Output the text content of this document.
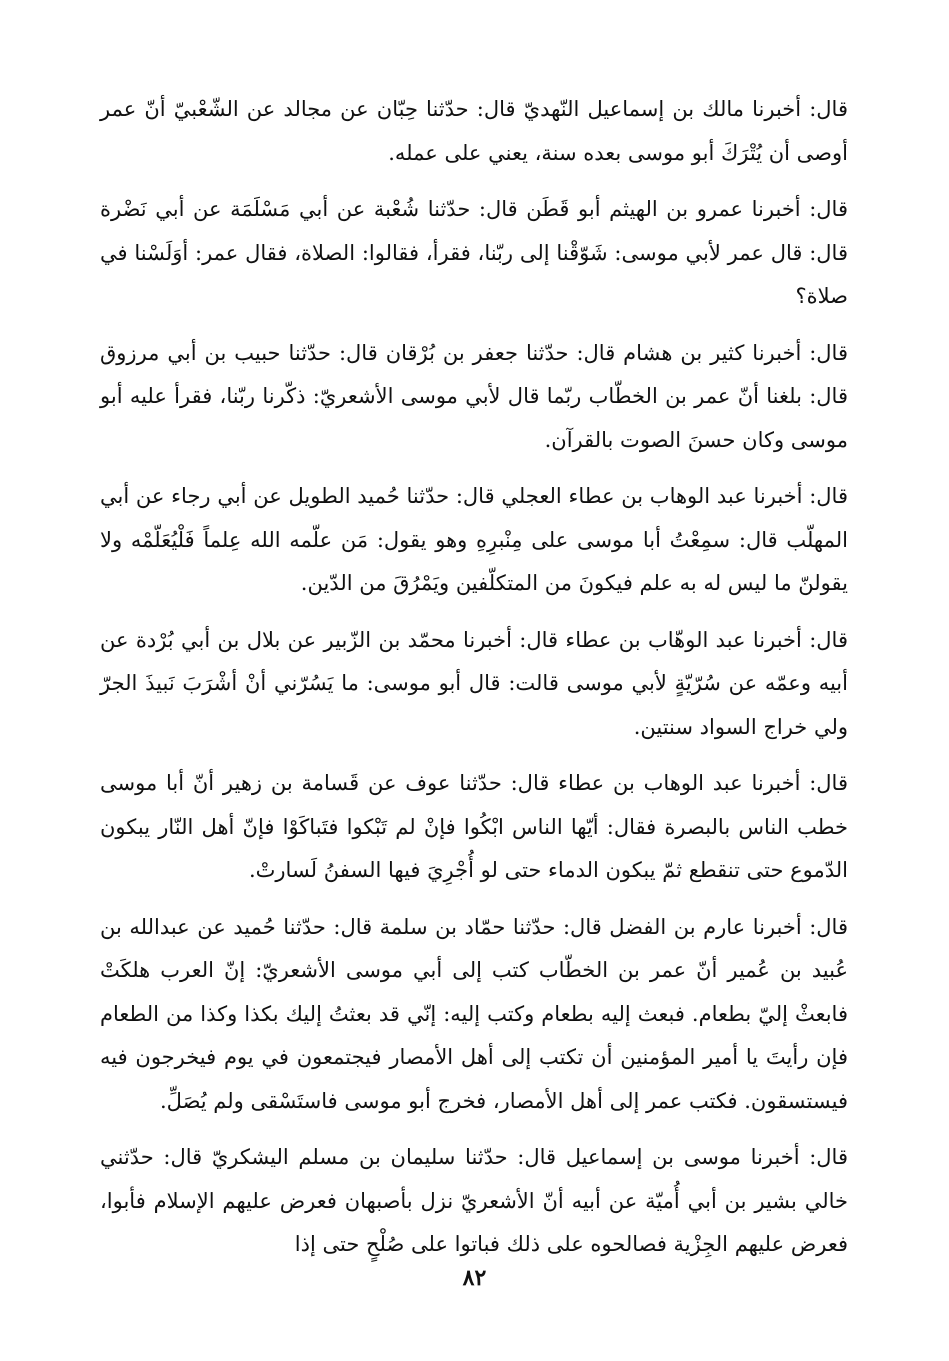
قال: أخبرنا مالك بن إسماعيل النّهديّ قال: حدّثنا حِبّان عن مجالد عن الشّعْبيّ أنّ عمر أوصى أن يُتْرَكَ أبو موسى بعده سنة، يعني على عمله.

قال: أخبرنا عمرو بن الهيثم أبو قَطَن قال: حدّثنا شُعْبة عن أبي مَسْلَمَة عن أبي نَضْرة قال: قال عمر لأبي موسى: شَوّقْنا إلى ربّنا، فقرأ، فقالوا: الصلاة، فقال عمر: أوَلَسْنا في صلاة؟

قال: أخبرنا كثير بن هشام قال: حدّثنا جعفر بن بُرْقان قال: حدّثنا حبيب بن أبي مرزوق قال: بلغنا أنّ عمر بن الخطّاب ربّما قال لأبي موسى الأشعريّ: ذكّرنا ربّنا، فقرأ عليه أبو موسى وكان حسنَ الصوت بالقرآن.

قال: أخبرنا عبد الوهاب بن عطاء العجلي قال: حدّثنا حُميد الطويل عن أبي رجاء عن أبي المهلّب قال: سمِعْتُ أبا موسى على مِنْبرِهِ وهو يقول: مَن علّمه الله عِلماً فَلْيُعَلّمْه ولا يقولنّ ما ليس له به علم فيكونَ من المتكلّفين ويَمْرُقَ من الدّين.

قال: أخبرنا عبد الوهّاب بن عطاء قال: أخبرنا محمّد بن الزّبير عن بلال بن أبي بُرْدة عن أبيه وعمّه عن سُرّيّةٍ لأبي موسى قالت: قال أبو موسى: ما يَسُرّني أنْ أشْرَبَ نَبيذَ الجرّ ولي خراج السواد سنتين.

قال: أخبرنا عبد الوهاب بن عطاء قال: حدّثنا عوف عن قَسامة بن زهير أنّ أبا موسى خطب الناس بالبصرة فقال: أيّها الناس ابْكُوا فإنْ لم تَبْكوا فتَباكَوْا فإنّ أهل النّار يبكون الدّموع حتى تنقطع ثمّ يبكون الدماء حتى لو أُجْرِيَ فيها السفنُ لَسارتْ.

قال: أخبرنا عارم بن الفضل قال: حدّثنا حمّاد بن سلمة قال: حدّثنا حُميد عن عبدالله بن عُبيد بن عُمير أنّ عمر بن الخطّاب كتب إلى أبي موسى الأشعريّ: إنّ العرب هلكَتْ فابعثْ إليّ بطعام. فبعث إليه بطعام وكتب إليه: إنّي قد بعثتُ إليك بكذا وكذا من الطعام فإن رأيتَ يا أمير المؤمنين أن تكتب إلى أهل الأمصار فيجتمعون في يوم فيخرجون فيه فيستسقون. فكتب عمر إلى أهل الأمصار، فخرج أبو موسى فاستَسْقى ولم يُصَلِّ.

قال: أخبرنا موسى بن إسماعيل قال: حدّثنا سليمان بن مسلم اليشكريّ قال: حدّثني خالي بشير بن أبي أُميّة عن أبيه أنّ الأشعريّ نزل بأصبهان فعرض عليهم الإسلام فأبوا، فعرض عليهم الجِزْية فصالحوه على ذلك فباتوا على صُلْحٍ حتى إذا

٨٢
